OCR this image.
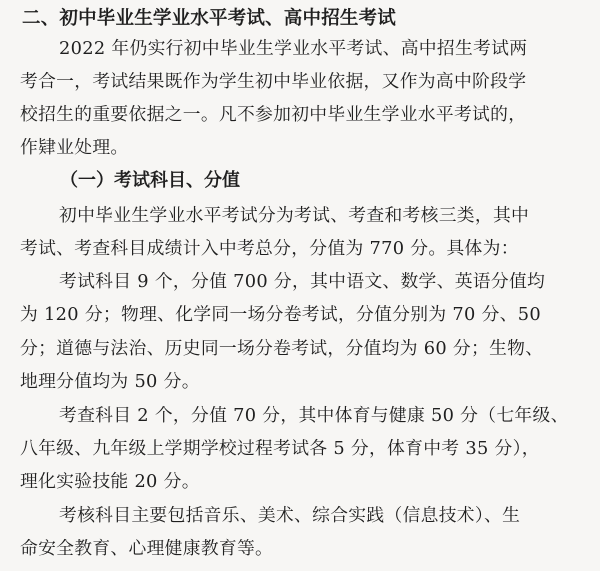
二、初中毕业生学业水平考试、高中招生考试
2022 年仍实行初中毕业生学业水平考试、高中招生考试两
考合一，考试结果既作为学生初中毕业依据，又作为高中阶段学
校招生的重要依据之一。凡不参加初中毕业生学业水平考试的，
作肄业处理。
（一）考试科目、分值
初中毕业生学业水平考试分为考试、考查和考核三类，其中
考试、考查科目成绩计入中考总分，分值为 770 分。具体为：
考试科目 9 个，分值 700 分，其中语文、数学、英语分值均
为 120 分；物理、化学同一场分卷考试，分值分别为 70 分、50
分；道德与法治、历史同一场分卷考试，分值均为 60 分；生物、
地理分值均为 50 分。
考查科目 2 个，分值 70 分，其中体育与健康 50 分（七年级、
八年级、九年级上学期学校过程考试各 5 分，体育中考 35 分），
理化实验技能 20 分。
考核科目主要包括音乐、美术、综合实践（信息技术）、生
命安全教育、心理健康教育等。
